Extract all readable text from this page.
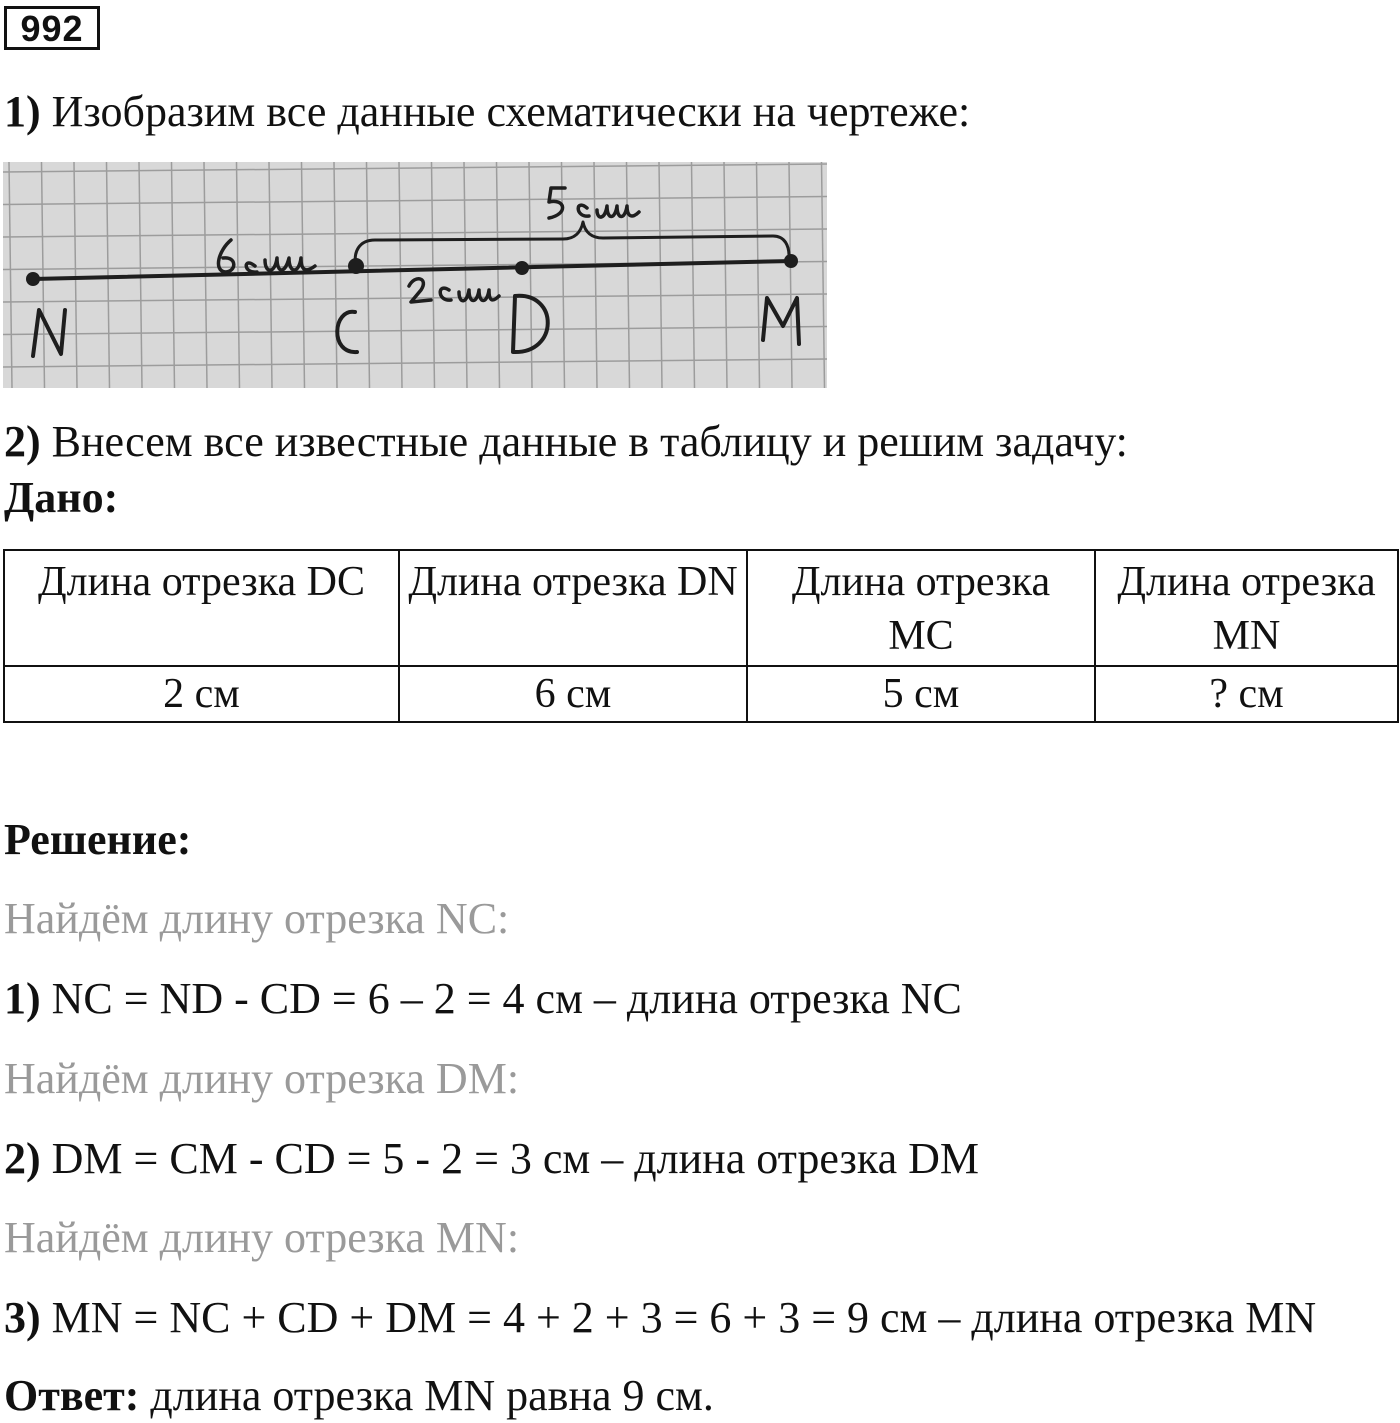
992
1) Изобразим все данные схематически на чертеже:
2) Внесем все известные данные в таблицу и решим задачу:
Дано:
Длина отрезка DC	Длина отрезка DN	Длина отрезка MC	Длина отрезка MN
2 см	6 см	5 см	? см
Решение:
Найдём длину отрезка NC:
1) NC = ND - CD = 6 – 2 = 4 см – длина отрезка NC
Найдём длину отрезка DM:
2) DM = CM - CD = 5 - 2 = 3 см – длина отрезка DM
Найдём длину отрезка MN:
3) MN = NC + CD + DM = 4 + 2 + 3 = 6 + 3 = 9 см – длина отрезка MN
Ответ: длина отрезка MN равна 9 см.
